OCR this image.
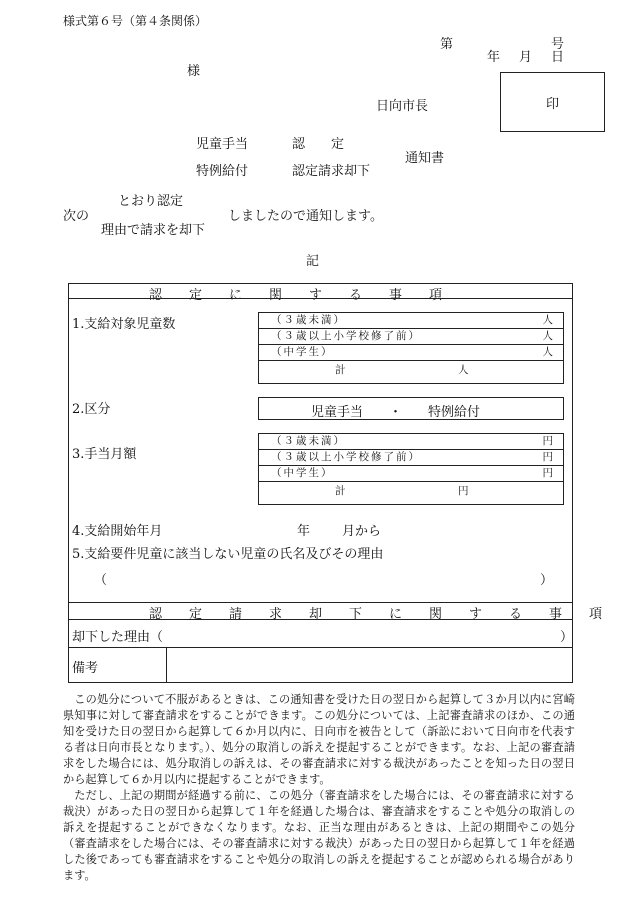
様式第６号（第４条関係）
第	号
年 月 日
様
日向市長	印
児童手当
特例給付
認　　定
認定請求却下
通知書
とおり認定
次の	しましたので通知します。
理由で請求を却下
記
認定に関する事項
1.支給対象児童数	（３歳未満）	人
（３歳以上小学校修了前）	人
（中学生）	人
計	人
2.区分	児童手当　　・　　特例給付
3.手当月額
（３歳未満）	円
（３歳以上小学校修了前）	円
（中学生）	円
計	円
4.支給開始年月	年 月から
5.支給要件児童に該当しない児童の氏名及びその理由
（	）
認定請求却下に関する事項
却下した理由（	）
備考

この処分について不服があるときは、この通知書を受けた日の翌日から起算して３か月以内に宮崎県知事に対して審査請求をすることができます。この処分については、上記審査請求のほか、この通知を受けた日の翌日から起算して６か月以内に、日向市を被告として（訴訟において日向市を代表する者は日向市長となります。）、処分の取消しの訴えを提起することができます。なお、上記の審査請求をした場合には、処分取消しの訴えは、その審査請求に対する裁決があったことを知った日の翌日から起算して６か月以内に提起することができます。

ただし、上記の期間が経過する前に、この処分（審査請求をした場合には、その審査請求に対する裁決）があった日の翌日から起算して１年を経過した場合は、審査請求をすることや処分の取消しの訴えを提起することができなくなります。なお、正当な理由があるときは、上記の期間やこの処分（審査請求をした場合には、その審査請求に対する裁決）があった日の翌日から起算して１年を経過した後であっても審査請求をすることや処分の取消しの訴えを提起することが認められる場合があります。
